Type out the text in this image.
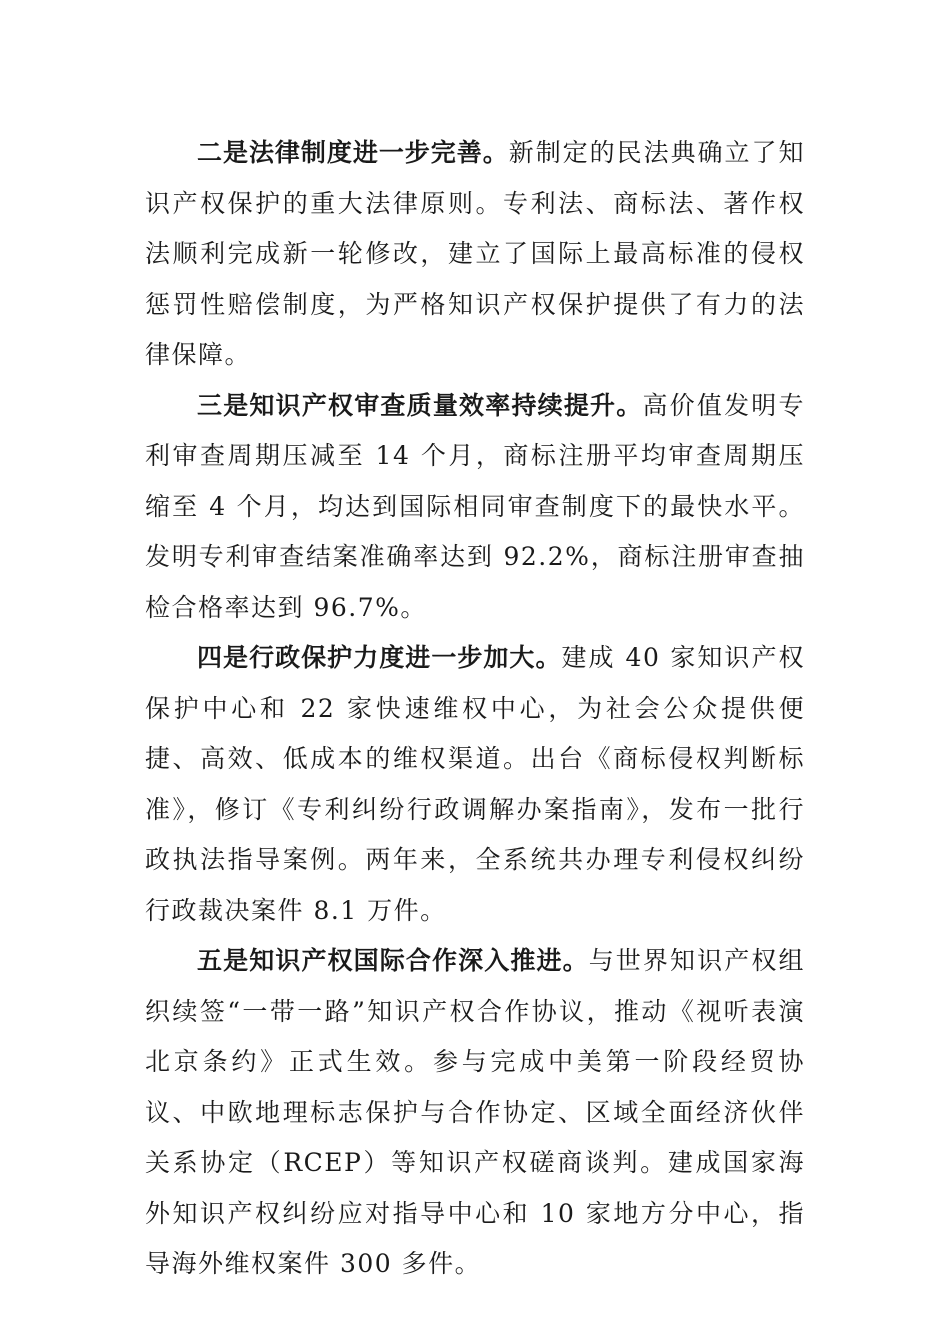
二是法律制度进一步完善。新制定的民法典确立了知识产权保护的重大法律原则。专利法、商标法、著作权法顺利完成新一轮修改，建立了国际上最高标准的侵权惩罚性赔偿制度，为严格知识产权保护提供了有力的法律保障。

三是知识产权审查质量效率持续提升。高价值发明专利审查周期压减至 14 个月，商标注册平均审查周期压缩至 4 个月，均达到国际相同审查制度下的最快水平。发明专利审查结案准确率达到 92.2%，商标注册审查抽检合格率达到 96.7%。

四是行政保护力度进一步加大。建成 40 家知识产权保护中心和 22 家快速维权中心，为社会公众提供便捷、高效、低成本的维权渠道。出台《商标侵权判断标准》，修订《专利纠纷行政调解办案指南》，发布一批行政执法指导案例。两年来，全系统共办理专利侵权纠纷行政裁决案件 8.1 万件。

五是知识产权国际合作深入推进。与世界知识产权组织续签“一带一路”知识产权合作协议，推动《视听表演北京条约》正式生效。参与完成中美第一阶段经贸协议、中欧地理标志保护与合作协定、区域全面经济伙伴关系协定（RCEP）等知识产权磋商谈判。建成国家海外知识产权纠纷应对指导中心和 10 家地方分中心，指导海外维权案件 300 多件。
